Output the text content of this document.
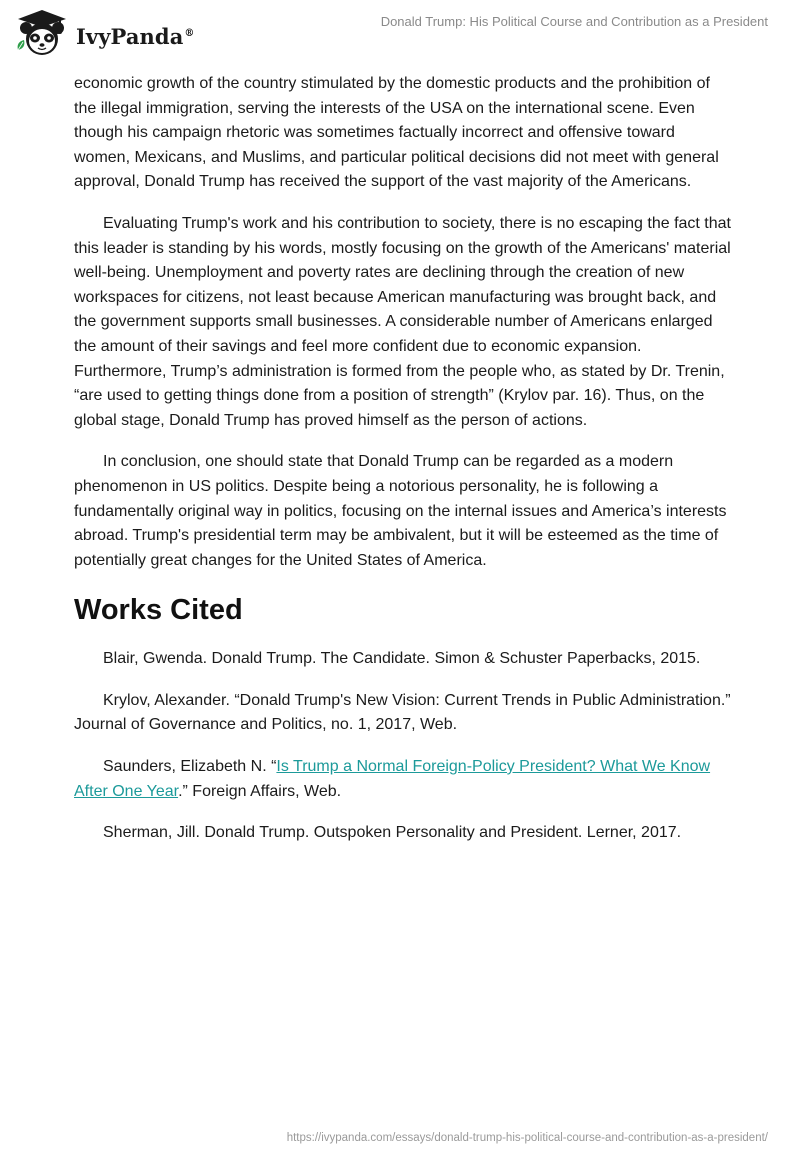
IvyPanda®
Donald Trump: His Political Course and Contribution as a President

economic growth of the country stimulated by the domestic products and the prohibition of the illegal immigration, serving the interests of the USA on the international scene. Even though his campaign rhetoric was sometimes factually incorrect and offensive toward women, Mexicans, and Muslims, and particular political decisions did not meet with general approval, Donald Trump has received the support of the vast majority of the Americans.

Evaluating Trump's work and his contribution to society, there is no escaping the fact that this leader is standing by his words, mostly focusing on the growth of the Americans' material well-being. Unemployment and poverty rates are declining through the creation of new workspaces for citizens, not least because American manufacturing was brought back, and the government supports small businesses. A considerable number of Americans enlarged the amount of their savings and feel more confident due to economic expansion. Furthermore, Trump’s administration is formed from the people who, as stated by Dr. Trenin, “are used to getting things done from a position of strength” (Krylov par. 16). Thus, on the global stage, Donald Trump has proved himself as the person of actions.

In conclusion, one should state that Donald Trump can be regarded as a modern phenomenon in US politics. Despite being a notorious personality, he is following a fundamentally original way in politics, focusing on the internal issues and America’s interests abroad. Trump's presidential term may be ambivalent, but it will be esteemed as the time of potentially great changes for the United States of America.

Works Cited

Blair, Gwenda. Donald Trump. The Candidate. Simon & Schuster Paperbacks, 2015.

Krylov, Alexander. “Donald Trump's New Vision: Current Trends in Public Administration.” Journal of Governance and Politics, no. 1, 2017, Web.

Saunders, Elizabeth N. “Is Trump a Normal Foreign-Policy President? What We Know After One Year.” Foreign Affairs, Web.

Sherman, Jill. Donald Trump. Outspoken Personality and President. Lerner, 2017.

https://ivypanda.com/essays/donald-trump-his-political-course-and-contribution-as-a-president/
